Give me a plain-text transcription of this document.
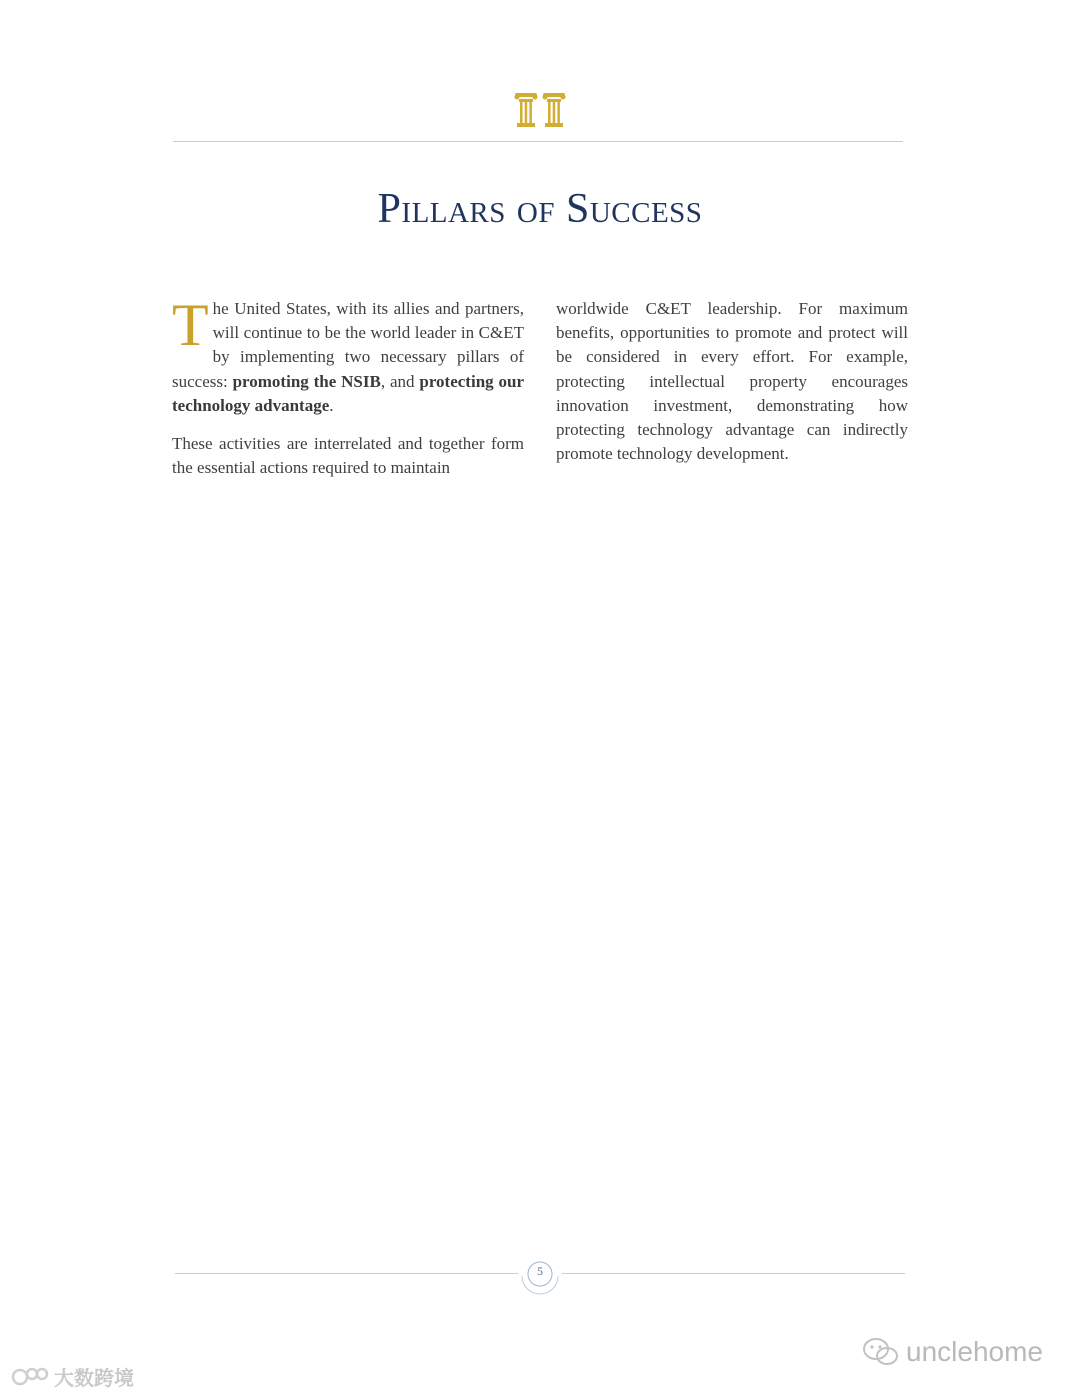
Pillars of Success

The United States, with its allies and partners, will continue to be the world leader in C&ET by implementing two necessary pillars of success: promoting the NSIB, and protecting our technology advantage.

These activities are interrelated and together form the essential actions required to maintain

worldwide C&ET leadership. For maximum benefits, opportunities to promote and protect will be considered in every effort. For example, protecting intellectual property encourages innovation investment, demonstrating how protecting technology advantage can indirectly promote technology development.

5
unclehome
大数跨境
